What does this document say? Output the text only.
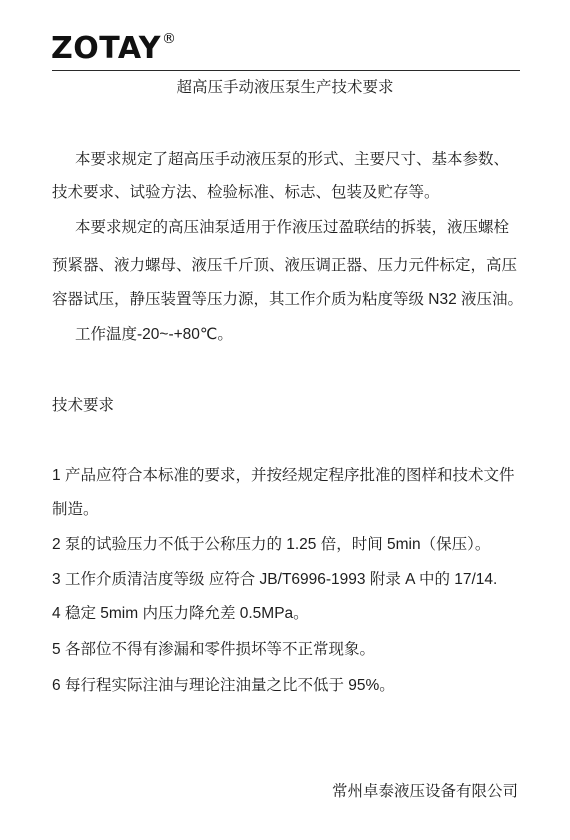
ZOTAY®
超高压手动液压泵生产技术要求
本要求规定了超高压手动液压泵的形式、主要尺寸、基本参数、
技术要求、试验方法、检验标准、标志、包装及贮存等。
本要求规定的高压油泵适用于作液压过盈联结的拆装，液压螺栓
预紧器、液力螺母、液压千斤顶、液压调正器、压力元件标定，高压
容器试压，静压装置等压力源，其工作介质为粘度等级 N32 液压油。
工作温度-20~-+80℃。
技术要求
1 产品应符合本标准的要求，并按经规定程序批准的图样和技术文件
制造。
2 泵的试验压力不低于公称压力的 1.25 倍，时间 5min（保压）。
3 工作介质清洁度等级 应符合 JB/T6996-1993 附录 A 中的 17/14.
4 稳定 5mim 内压力降允差 0.5MPa。
5 各部位不得有渗漏和零件损坏等不正常现象。
6 每行程实际注油与理论注油量之比不低于 95%。
常州卓泰液压设备有限公司
